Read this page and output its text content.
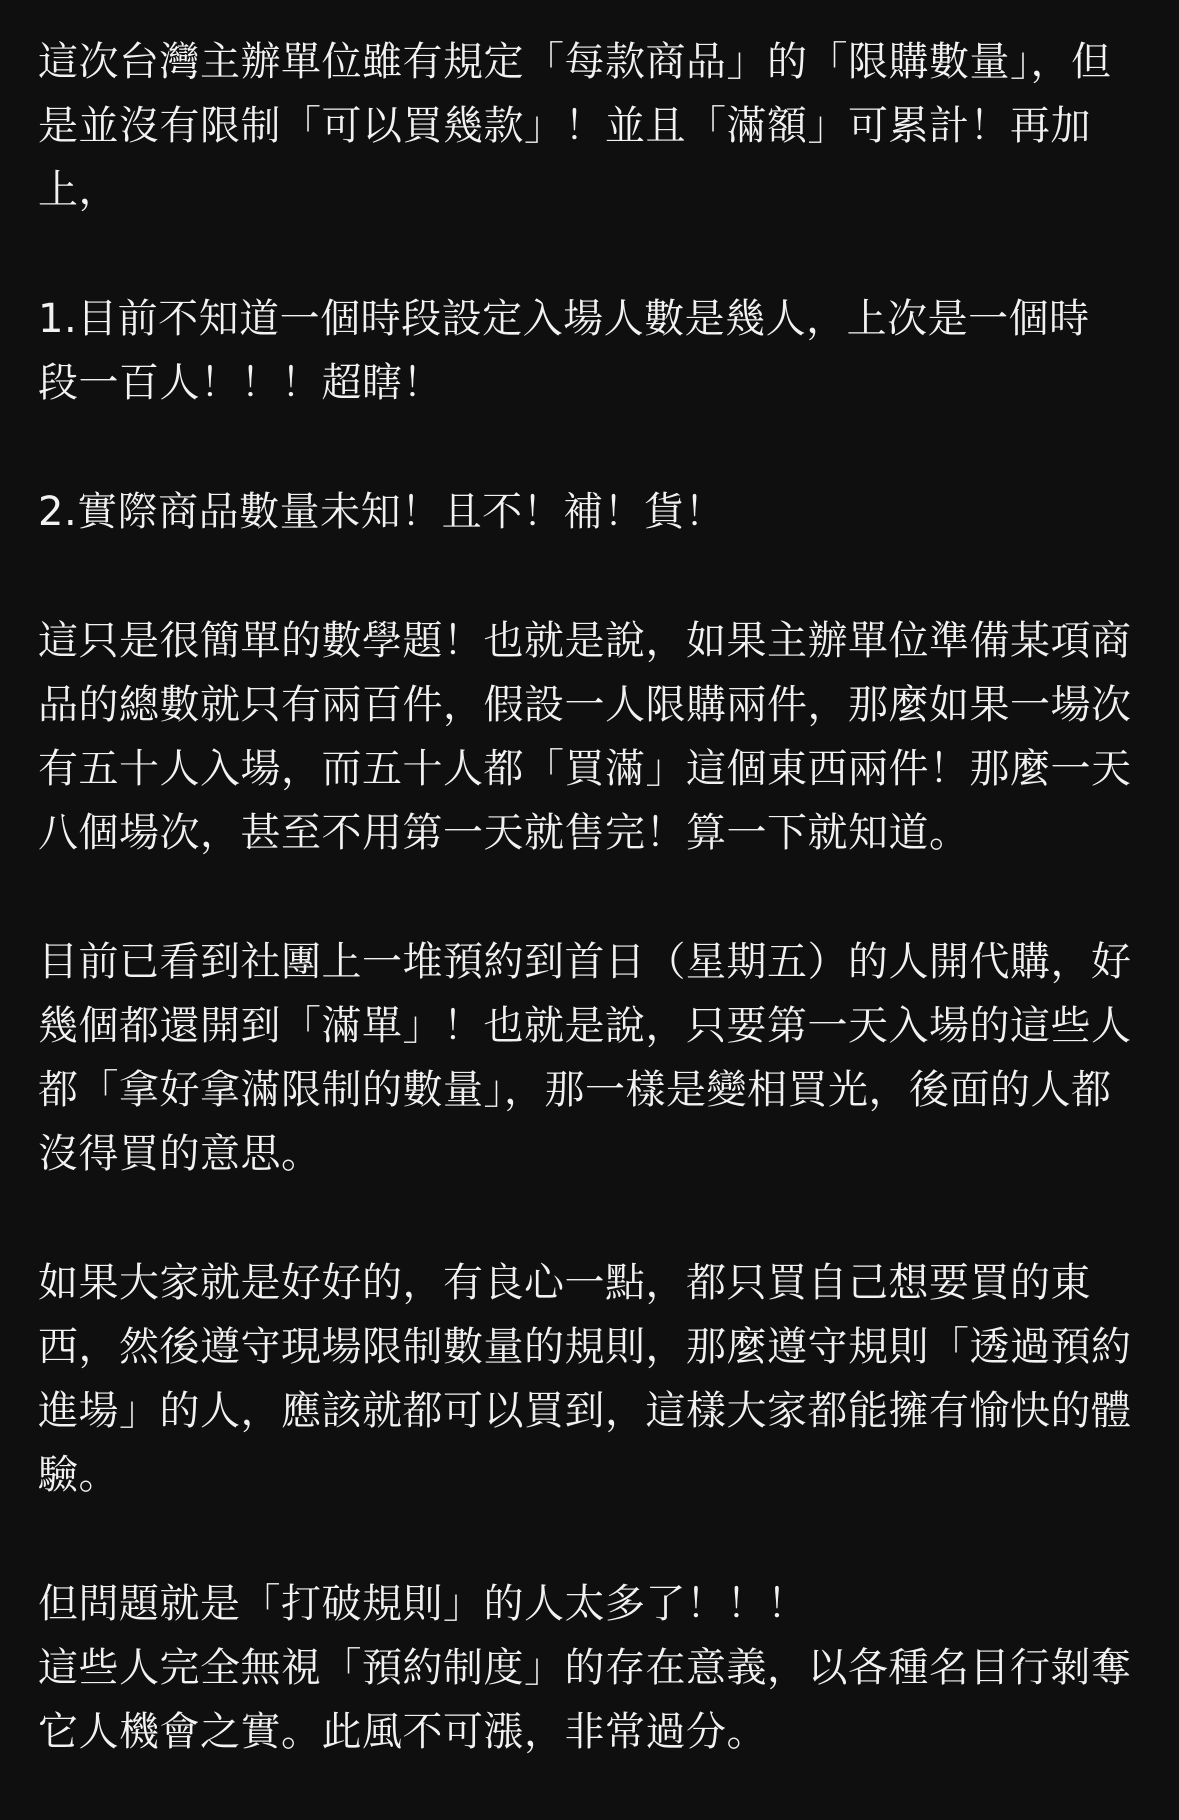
這次台灣主辦單位雖有規定「每款商品」的「限購數量」，但是並沒有限制「可以買幾款」！並且「滿額」可累計！再加上，

1.目前不知道一個時段設定入場人數是幾人，上次是一個時段一百人！！！超瞎！

2.實際商品數量未知！且不！補！貨！

這只是很簡單的數學題！也就是說，如果主辦單位準備某項商品的總數就只有兩百件，假設一人限購兩件，那麼如果一場次有五十人入場，而五十人都「買滿」這個東西兩件！那麼一天八個場次，甚至不用第一天就售完！算一下就知道。

目前已看到社團上一堆預約到首日（星期五）的人開代購，好幾個都還開到「滿單」！也就是說，只要第一天入場的這些人都「拿好拿滿限制的數量」，那一樣是變相買光，後面的人都沒得買的意思。

如果大家就是好好的，有良心一點，都只買自己想要買的東西，然後遵守現場限制數量的規則，那麼遵守規則「透過預約進場」的人，應該就都可以買到，這樣大家都能擁有愉快的體驗。

但問題就是「打破規則」的人太多了！！！
這些人完全無視「預約制度」的存在意義，以各種名目行剝奪它人機會之實。此風不可漲，非常過分。
